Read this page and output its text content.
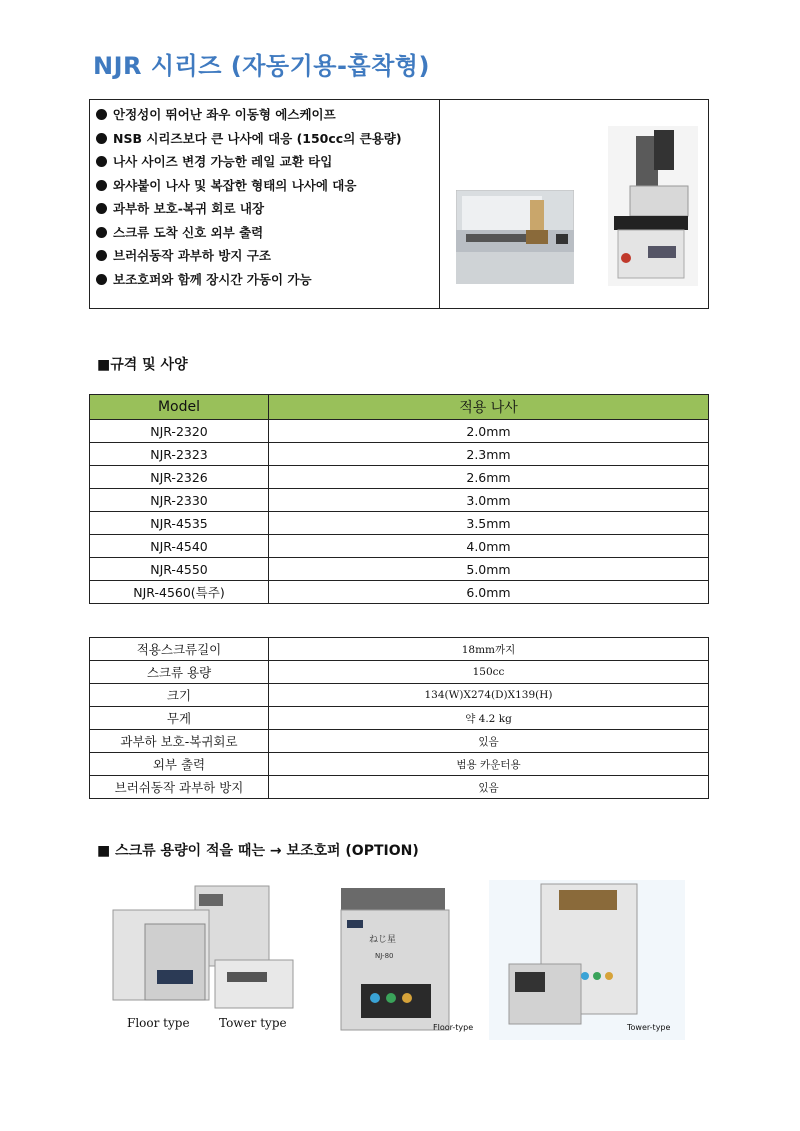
NJR 시리즈 (자동기용-흡착형)
안정성이 뛰어난 좌우 이동형 에스케이프
NSB 시리즈보다 큰 나사에 대응 (150cc의 큰용량)
나사 사이즈 변경 가능한 레일 교환 타입
와샤붙이 나사 및 복잡한 형태의 나사에 대응
과부하 보호-복귀 회로 내장
스크류 도착 신호 외부 출력
브러쉬동작 과부하 방지 구조
보조호퍼와 함께 장시간 가동이 가능
■규격 및 사양
Model	적용 나사
NJR-2320	2.0mm
NJR-2323	2.3mm
NJR-2326	2.6mm
NJR-2330	3.0mm
NJR-4535	3.5mm
NJR-4540	4.0mm
NJR-4550	5.0mm
NJR-4560(특주)	6.0mm
적용스크류길이	18mm까지
스크류 용량	150cc
크기	134(W)X274(D)X139(H)
무게	약 4.2 kg
과부하 보호-복귀회로	있음
외부 출력	범용 카운터용
브러쉬동작 과부하 방지	있음
■ 스크류 용량이 적을 때는 → 보조호퍼 (OPTION)
Floor type Tower type
ねじ星
NJ-80
Floor-type	Tower-type
